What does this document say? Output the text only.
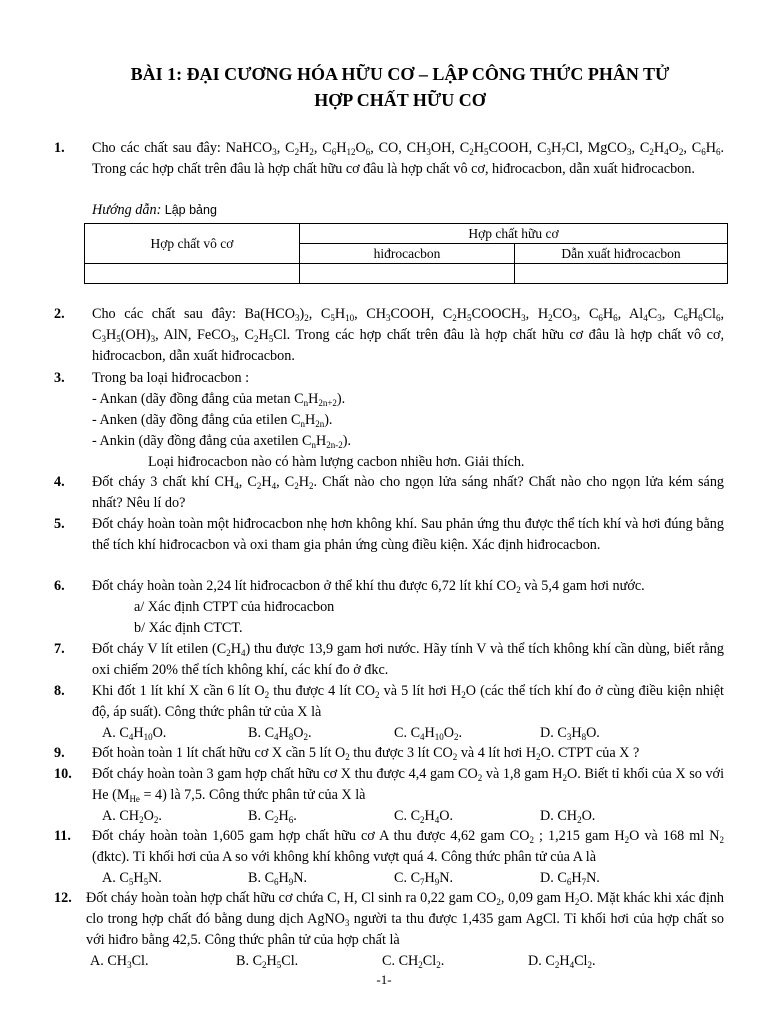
BÀI 1: ĐẠI CƯƠNG HÓA HỮU CƠ – LẬP CÔNG THỨC PHÂN TỬ
HỢP CHẤT HỮU CƠ
1. Cho các chất sau đây: NaHCO$_3$, $C_2H_2$, $C_6H_{12}O_6$, CO, $CH_3OH$, $C_2H_5COOH$, $C_3H_7Cl$, MgCO$_3$, $C_2H_4O_2$, $C_6H_6$. Trong các hợp chất trên đâu là hợp chất hữu cơ đâu là hợp chất vô cơ, hiđrocacbon, dẫn xuất hiđrocacbon.
Hướng dẫn: Lập bảng
Hợp chất vô cơ	Hợp chất hữu cơ	
	hiđrocacbon	Dẫn xuất hiđrocacbon

2. Cho các chất sau đây: $Ba(HCO_3)_2$, $C_5H_{10}$, $CH_3COOH$, $C_2H_5COOCH_3$, $H_2CO_3$, $C_6H_6$, $Al_4C_3$, $C_6H_6Cl_6$, $C_3H_5(OH)_3$, AlN, FeCO$_3$, $C_2H_5Cl$. Trong các hợp chất trên đâu là hợp chất hữu cơ đâu là hợp chất vô cơ, hiđrocacbon, dẫn xuất hiđrocacbon.
3. Trong ba loại hiđrocacbon :
- Ankan (dãy đồng đẳng của metan $C_nH_{2n+2}$).
- Anken (dãy đồng đẳng của etilen $C_nH_{2n}$).
- Ankin (dãy đồng đẳng của axetilen $C_nH_{2n-2}$).
Loại hiđrocacbon nào có hàm lượng cacbon nhiều hơn. Giải thích.
4. Đốt cháy 3 chất khí $CH_4$, $C_2H_4$, $C_2H_2$. Chất nào cho ngọn lửa sáng nhất? Chất nào cho ngọn lửa kém sáng nhất? Nêu lí do?
5. Đốt cháy hoàn toàn một hiđrocacbon nhẹ hơn không khí. Sau phản ứng thu được thể tích khí và hơi đúng bằng thể tích khí hiđrocacbon và oxi tham gia phản ứng cùng điều kiện. Xác định hiđrocacbon.
6. Đốt cháy hoàn toàn 2,24 lít hiđrocacbon ở thể khí thu được 6,72 lít khí $CO_2$ và 5,4 gam hơi nước.
a/ Xác định CTPT của hiđrocacbon
b/ Xác định CTCT.
7. Đốt cháy V lít etilen $(C_2H_4)$ thu được 13,9 gam hơi nước. Hãy tính V và thể tích không khí cần dùng, biết rằng oxi chiếm 20% thể tích không khí, các khí đo ở đkc.
8. Khi đốt 1 lít khí X cần 6 lít $O_2$ thu được 4 lít $CO_2$ và 5 lít hơi $H_2O$ (các thể tích khí đo ở cùng điều kiện nhiệt độ, áp suất). Công thức phân tử của X là
A. $C_4H_{10}O$.	B. $C_4H_8O_2$.	C. $C_4H_{10}O_2$.	D. $C_3H_8O$.
9. Đốt hoàn toàn 1 lít chất hữu cơ X cần 5 lít $O_2$ thu được 3 lít $CO_2$ và 4 lít hơi $H_2O$. CTPT của X ?
10. Đốt cháy hoàn toàn 3 gam hợp chất hữu cơ X thu được 4,4 gam $CO_2$ và 1,8 gam $H_2O$. Biết tỉ khối của X so với He $(M_{He} = 4)$ là 7,5. Công thức phân tử của X là
A. $CH_2O_2$.	B. $C_2H_6$.	C. $C_2H_4O$.	D. $CH_2O$.
11. Đốt cháy hoàn toàn 1,605 gam hợp chất hữu cơ A thu được 4,62 gam $CO_2$ ; 1,215 gam $H_2O$ và 168 ml $N_2$ (đktc). Tỉ khối hơi của A so với không khí không vượt quá 4. Công thức phân tử của A là
A. $C_5H_5N$.	B. $C_6H_9N$.	C. $C_7H_9N$.	D. $C_6H_7N$.
12. Đốt cháy hoàn toàn hợp chất hữu cơ chứa C, H, Cl sinh ra 0,22 gam $CO_2$, 0,09 gam $H_2O$. Mặt khác khi xác định clo trong hợp chất đó bằng dung dịch AgNO$_3$ người ta thu được 1,435 gam AgCl. Tỉ khối hơi của hợp chất so với hiđro bằng 42,5. Công thức phân tử của hợp chất là
A. $CH_3Cl$.	B. $C_2H_5Cl$.	C. $CH_2Cl_2$.	D. $C_2H_4Cl_2$.
-1-
